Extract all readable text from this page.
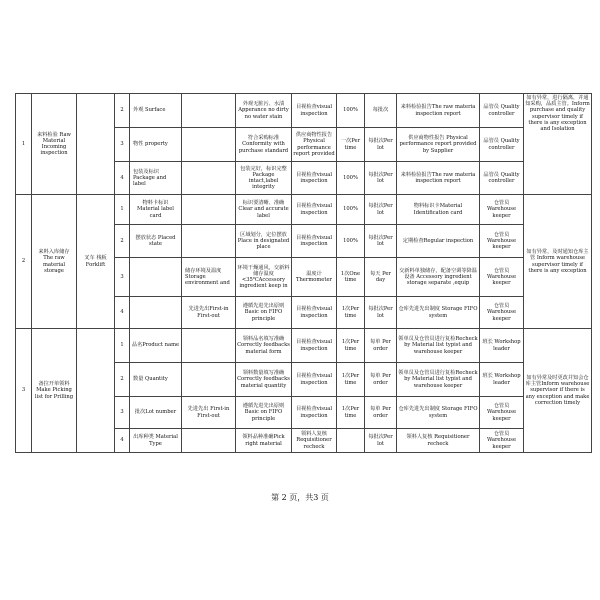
1	来料检验 Raw Material Incoming inspection		2	外观 Surface		外观无脏污、水渍 Apperance no dirty no water stain	目视检查visual inspection	100%	每批次	来料检验报告The raw materia inspection report	品管员 Quality controller	如有异常，进行隔离，并通知采购，品质主管。Inform purchase and quality supervisor timely if there is any exception and Isolation
			3	物性 property		符合采购标准 Conformity with purchase standard	供应商物性报告Physical performance report provided	一次Per time	每批次Per lot	供应商物性报告 Physical performance report provided by Supplier	品管员 Quality controller	
			4	包装及标识 Package and label		包装完好，标识完整Package intact,label integrity	目视检查visual inspection	100%	每批次Per lot	来料检验报告The raw materia inspection report	品管员 Quality controller	
2	来料入库储存 The raw material storage	叉车 栈板Forklift	1	物料卡标识 Material label card		标识要清晰、准确 Clear and accurate label	目视检查visual inspection	100%	每批次Per lot	物料标识卡Material Identification card	仓管员 Warehouse keeper	如有异常，及时通知仓库主管 Inform warehouse supervisor timely if there is any exception
			2	摆放状态 Placed state		区域划分，定位摆放Place in designated place	目视检查visual inspection	100%	每批次Per lot	定期检查Regular inspection	仓管员 Warehouse keeper	
			3		储存环境及温度Storage environment and	环境干燥通风，交新料储存温度<35℃Accessory ingredient keep in	温度计 Thermometer	1次One time	每天 Per day	交新料单独储存，配备空调等降温设备 Accessory ingredient storage separate ,equip	仓管员 Warehouse keeper	
			4		先进先出First-in First-out	遵循先进先出原则Basic on FIFO principle	目视检查visual inspection	1次Per time	每批次Per lot	仓库先进先出制度 Storage FIFO system	仓管员 Warehouse keeper	
3	备拉开单领料 Make Picking list for Prilling		1	品名Product name		领料品名填写准确 Correctly feedbacks material form	目视检查visual inspection	1次Per time	每单 Per order	领单员及仓管员进行复检Recheck by Material list typist and warehouse keeper	班长 Workshop leader	如有异常及时更改并知会仓库主管Inform warehouse supervisor if there is any exception and make correction timely
			2	数量 Quantity		领料数量填写准确 Correctly feedbacks material quantity	目视检查visual inspection	1次Per time	每单 Per order	领单员及仓管员进行复检Recheck by Material list typist and warehouse keeper	班长 Workshop leader	
			3	批次Lot number	先进先出 First-in First-out	遵循先进先出原则 Basic on FIFO principle	目视检查visual inspection	1次Per time	每单 Per order	仓库先进先出制度 Storage FIFO system	仓管员 Warehouse keeper	
			4	出库种类 Material Type		领料品种准确Pick right material	领料人复核 Requisitioner recheck		每批次Per lot	领料人复核 Requisitioner recheck	仓管员 Warehouse keeper	
第 2 页，共3 页
